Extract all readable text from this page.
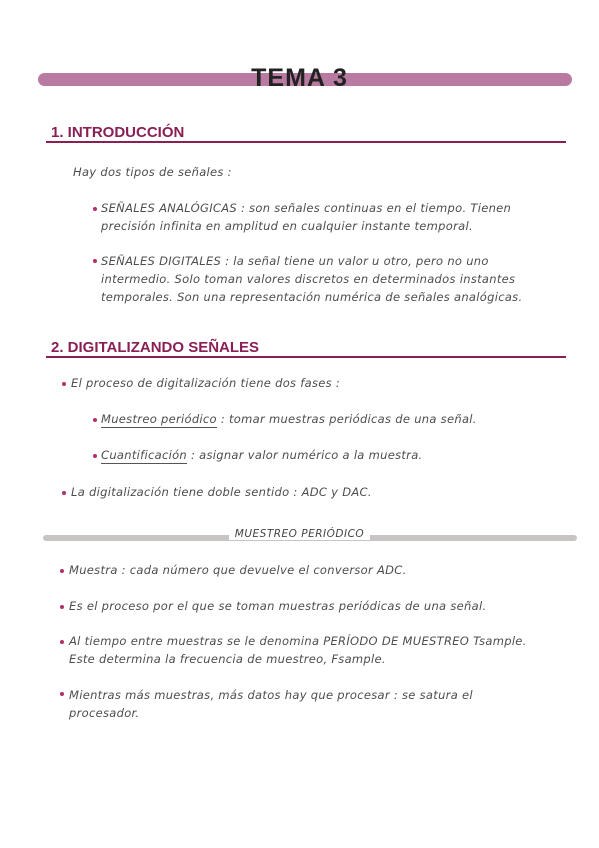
TEMA 3
1. INTRODUCCIÓN
Hay dos tipos de señales :
SEÑALES ANALÓGICAS : son señales continuas en el tiempo. Tienen
precisión infinita en amplitud en cualquier instante temporal.
SEÑALES DIGITALES : la señal tiene un valor u otro, pero no uno
intermedio. Solo toman valores discretos en determinados instantes
temporales. Son una representación numérica de señales analógicas.
2. DIGITALIZANDO SEÑALES
El proceso de digitalización tiene dos fases :
Muestreo periódico : tomar muestras periódicas de una señal.
Cuantificación : asignar valor numérico a la muestra.
La digitalización tiene doble sentido : ADC y DAC.
MUESTREO PERIÓDICO
Muestra : cada número que devuelve el conversor ADC.
Es el proceso por el que se toman muestras periódicas de una señal.
Al tiempo entre muestras se le denomina PERÍODO DE MUESTREO Tsample.
Este determina la frecuencia de muestreo, Fsample.
Mientras más muestras, más datos hay que procesar : se satura el
procesador.
